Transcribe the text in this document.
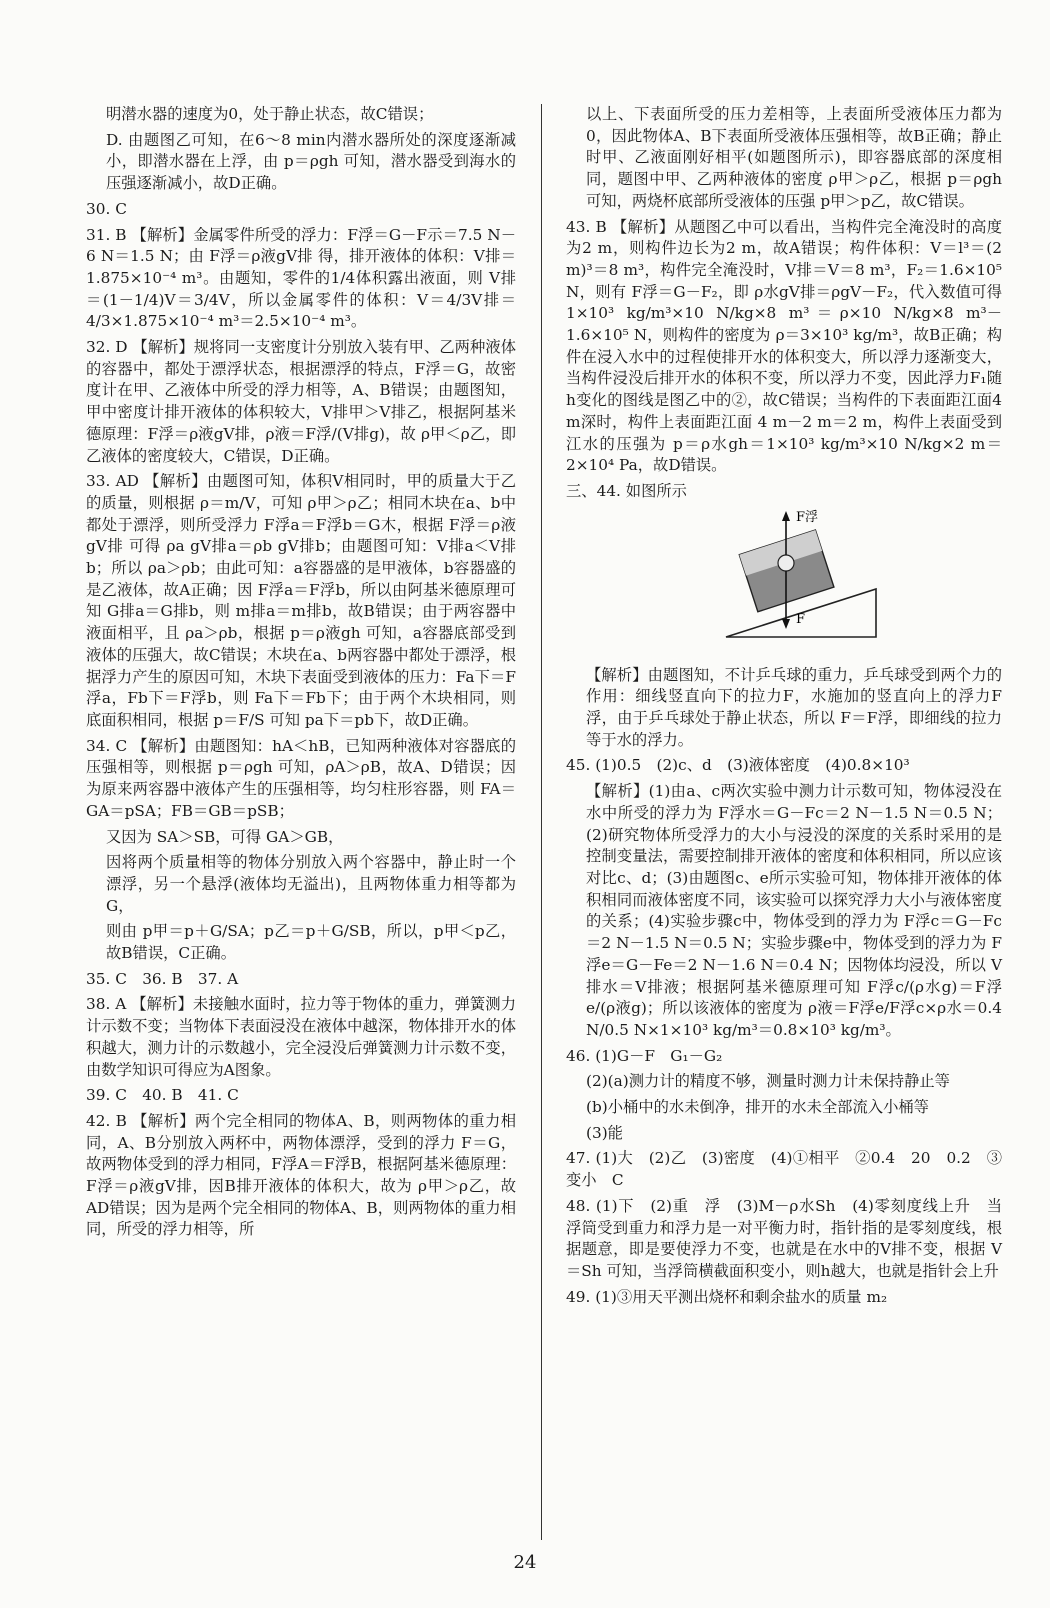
明潜水器的速度为0，处于静止状态，故C错误；
D. 由题图乙可知，在6～8 min内潜水器所处的深度逐渐减小，即潜水器在上浮，由 p＝ρgh 可知，潜水器受到海水的压强逐渐减小，故D正确。
30. C
31. B 【解析】金属零件所受的浮力：F浮＝G－F示＝7.5 N－6 N＝1.5 N；由 F浮＝ρ液gV排 得，排开液体的体积：V排＝1.875×10⁻⁴ m³。由题知，零件的1/4体积露出液面，则 V排＝(1－1/4)V＝3/4V，所以金属零件的体积：V＝4/3V排＝4/3×1.875×10⁻⁴ m³＝2.5×10⁻⁴ m³。
32. D 【解析】规将同一支密度计分别放入装有甲、乙两种液体的容器中，都处于漂浮状态，根据漂浮的特点，F浮＝G，故密度计在甲、乙液体中所受的浮力相等，A、B错误；由题图知，甲中密度计排开液体的体积较大，V排甲＞V排乙，根据阿基米德原理：F浮＝ρ液gV排，ρ液＝F浮/(V排g)，故 ρ甲＜ρ乙，即乙液体的密度较大，C错误，D正确。
33. AD 【解析】由题图可知，体积V相同时，甲的质量大于乙的质量，则根据 ρ＝m/V，可知 ρ甲＞ρ乙；相同木块在a、b中都处于漂浮，则所受浮力 F浮a＝F浮b＝G木，根据 F浮＝ρ液gV排 可得 ρa gV排a＝ρb gV排b；由题图可知：V排a＜V排b；所以 ρa＞ρb；由此可知：a容器盛的是甲液体，b容器盛的是乙液体，故A正确；因 F浮a＝F浮b，所以由阿基米德原理可知 G排a＝G排b，则 m排a＝m排b，故B错误；由于两容器中液面相平，且 ρa＞ρb，根据 p＝ρ液gh 可知，a容器底部受到液体的压强大，故C错误；木块在a、b两容器中都处于漂浮，根据浮力产生的原因可知，木块下表面受到液体的压力：Fa下＝F浮a，Fb下＝F浮b，则 Fa下＝Fb下；由于两个木块相同，则底面积相同，根据 p＝F/S 可知 pa下＝pb下，故D正确。
34. C 【解析】由题图知：hA＜hB，已知两种液体对容器底的压强相等，则根据 p＝ρgh 可知，ρA＞ρB，故A、D错误；因为原来两容器中液体产生的压强相等，均匀柱形容器，则 FA＝GA＝pSA；FB＝GB＝pSB；
又因为 SA＞SB，可得 GA＞GB，
因将两个质量相等的物体分别放入两个容器中，静止时一个漂浮，另一个悬浮(液体均无溢出)，且两物体重力相等都为G，
则由 p甲＝p＋G/SA；p乙＝p＋G/SB，所以，p甲＜p乙，故B错误，C正确。
35. C　36. B　37. A
38. A 【解析】未接触水面时，拉力等于物体的重力，弹簧测力计示数不变；当物体下表面浸没在液体中越深，物体排开水的体积越大，测力计的示数越小，完全浸没后弹簧测力计示数不变，由数学知识可得应为A图象。
39. C　40. B　41. C
42. B 【解析】两个完全相同的物体A、B，则两物体的重力相同，A、B分别放入两杯中，两物体漂浮，受到的浮力 F＝G，故两物体受到的浮力相同，F浮A＝F浮B，根据阿基米德原理：F浮＝ρ液gV排，因B排开液体的体积大，故为 ρ甲＞ρ乙，故AD错误；因为是两个完全相同的物体A、B，则两物体的重力相同，所受的浮力相等，所
以上、下表面所受的压力差相等，上表面所受液体压力都为0，因此物体A、B下表面所受液体压强相等，故B正确；静止时甲、乙液面刚好相平(如题图所示)，即容器底部的深度相同，题图中甲、乙两种液体的密度 ρ甲＞ρ乙，根据 p＝ρgh 可知，两烧杯底部所受液体的压强 p甲＞p乙，故C错误。
43. B 【解析】从题图乙中可以看出，当构件完全淹没时的高度为2 m，则构件边长为2 m，故A错误；构件体积：V＝l³＝(2 m)³＝8 m³，构件完全淹没时，V排＝V＝8 m³，F₂＝1.6×10⁵ N，则有 F浮＝G－F₂，即 ρ水gV排＝ρgV－F₂，代入数值可得 1×10³ kg/m³×10 N/kg×8 m³＝ρ×10 N/kg×8 m³－1.6×10⁵ N，则构件的密度为 ρ＝3×10³ kg/m³，故B正确；构件在浸入水中的过程使排开水的体积变大，所以浮力逐渐变大，当构件浸没后排开水的体积不变，所以浮力不变，因此浮力F₁随h变化的图线是图乙中的②，故C错误；当构件的下表面距江面4 m深时，构件上表面距江面 4 m－2 m＝2 m，构件上表面受到江水的压强为 p＝ρ水gh＝1×10³ kg/m³×10 N/kg×2 m＝2×10⁴ Pa，故D错误。
三、44. 如图所示
F浮
F
【解析】由题图知，不计乒乓球的重力，乒乓球受到两个力的作用：细线竖直向下的拉力F，水施加的竖直向上的浮力F浮，由于乒乓球处于静止状态，所以 F＝F浮，即细线的拉力等于水的浮力。
45. (1)0.5　(2)c、d　(3)液体密度　(4)0.8×10³
【解析】(1)由a、c两次实验中测力计示数可知，物体浸没在水中所受的浮力为 F浮水＝G－Fc＝2 N－1.5 N＝0.5 N；(2)研究物体所受浮力的大小与浸没的深度的关系时采用的是控制变量法，需要控制排开液体的密度和体积相同，所以应该对比c、d；(3)由题图c、e所示实验可知，物体排开液体的体积相同而液体密度不同，该实验可以探究浮力大小与液体密度的关系；(4)实验步骤c中，物体受到的浮力为 F浮c＝G－Fc＝2 N－1.5 N＝0.5 N；实验步骤e中，物体受到的浮力为 F浮e＝G－Fe＝2 N－1.6 N＝0.4 N；因物体均浸没，所以 V排水＝V排液；根据阿基米德原理可知 F浮c/(ρ水g)＝F浮e/(ρ液g)；所以该液体的密度为 ρ液＝F浮e/F浮c×ρ水＝0.4 N/0.5 N×1×10³ kg/m³＝0.8×10³ kg/m³。
46. (1)G－F　G₁－G₂
(2)(a)测力计的精度不够，测量时测力计未保持静止等
(b)小桶中的水未倒净，排开的水未全部流入小桶等
(3)能
47. (1)大　(2)乙　(3)密度　(4)①相平　②0.4　20　0.2　③变小　C
48. (1)下　(2)重　浮　(3)M－ρ水Sh　(4)零刻度线上升　当浮筒受到重力和浮力是一对平衡力时，指针指的是零刻度线，根据题意，即是要使浮力不变，也就是在水中的V排不变，根据 V＝Sh 可知，当浮筒横截面积变小，则h越大，也就是指针会上升
49. (1)③用天平测出烧杯和剩余盐水的质量 m₂
24
